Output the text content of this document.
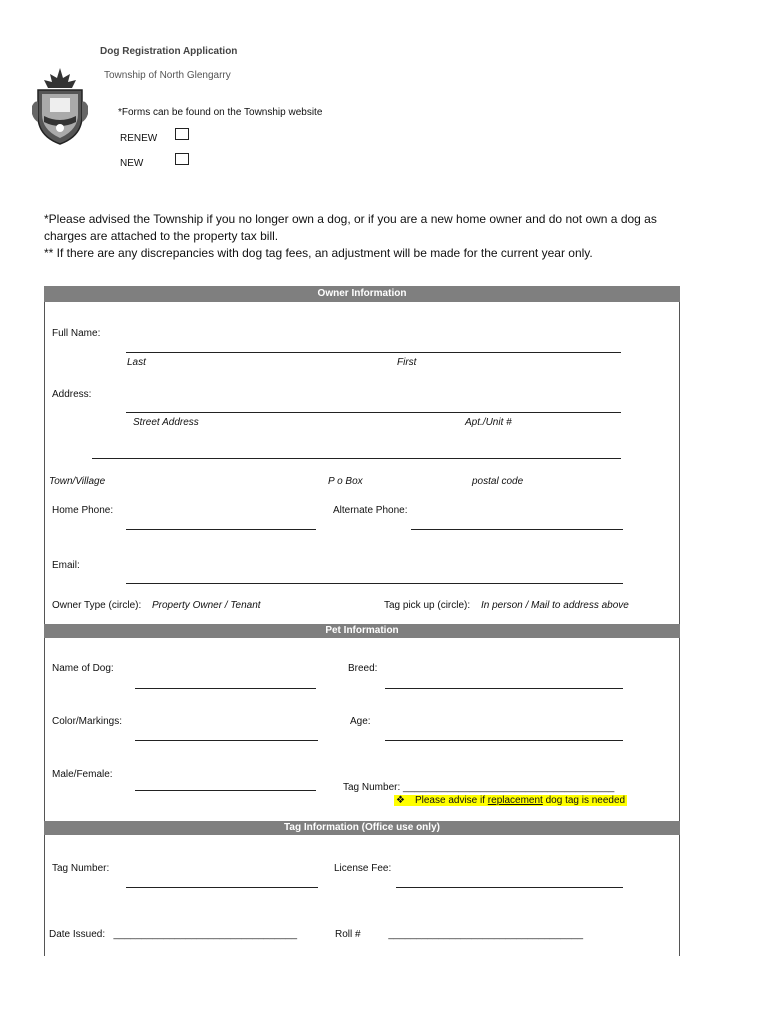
Dog Registration Application
Township of North Glengarry
*Forms can be found on the Township website
RENEW
NEW
*Please advised the Township if you no longer own a dog, or if you are a new home owner and do not own a dog as
charges are attached to the property tax bill.
** If there are any discrepancies with dog tag fees, an adjustment will be made for the current year only.
Owner Information
Full Name:
Last	First
Address:
Street Address	Apt./Unit #
Town/Village	P o Box	postal code
Home Phone:	Alternate Phone:
Email:
Owner Type (circle): Property Owner / Tenant	Tag pick up (circle): In person / Mail to address above
Pet Information
Name of Dog:	Breed:
Color/Markings:	Age:
Male/Female:
Tag Number: ______________________________________
❖ Please advise if replacement dog tag is needed
Tag Information (Office use only)
Tag Number:	License Fee:
Date Issued:   _________________________________	Roll #          ___________________________________
